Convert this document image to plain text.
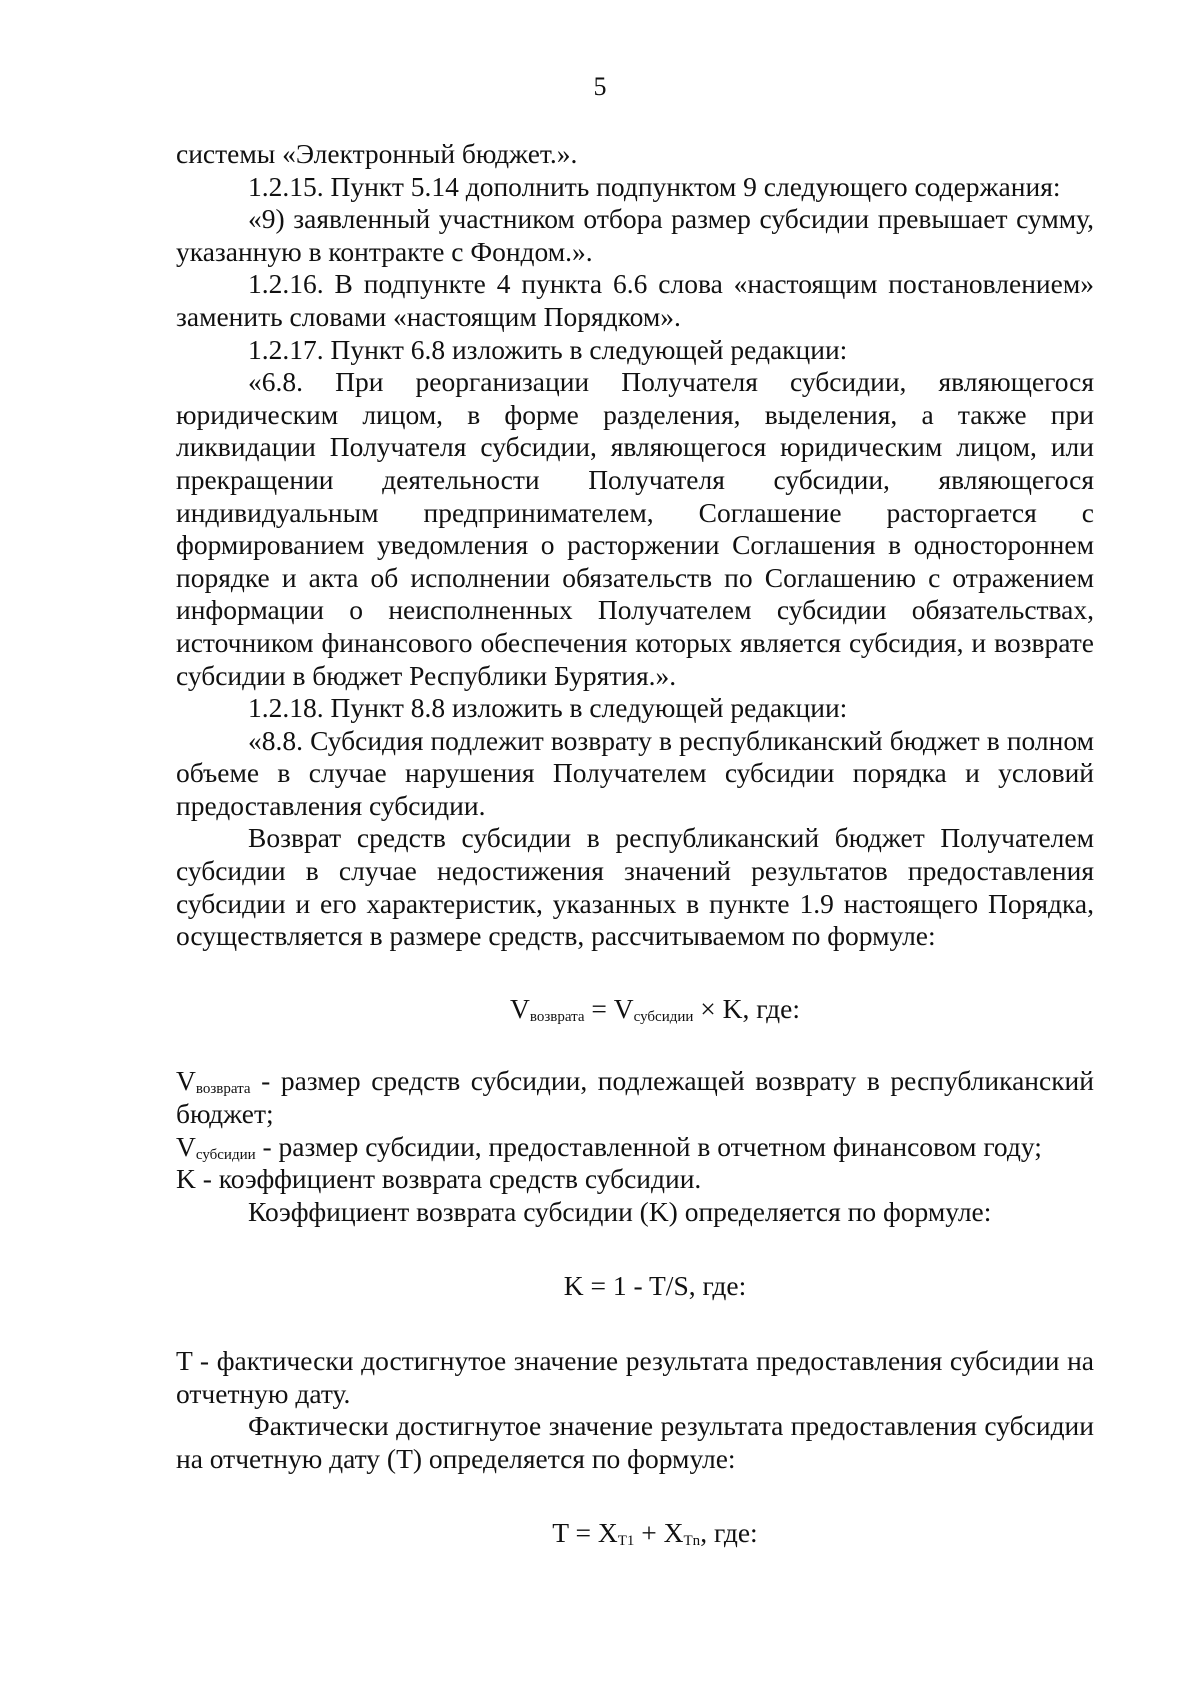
5

системы «Электронный бюджет.».

1.2.15. Пункт 5.14 дополнить подпунктом 9 следующего содержания:

«9) заявленный участником отбора размер субсидии превышает сумму, указанную в контракте с Фондом.».

1.2.16. В подпункте 4 пункта 6.6 слова «настоящим постановлением» заменить словами «настоящим Порядком».

1.2.17. Пункт 6.8 изложить в следующей редакции:

«6.8. При реорганизации Получателя субсидии, являющегося юридическим лицом, в форме разделения, выделения, а также при ликвидации Получателя субсидии, являющегося юридическим лицом, или прекращении деятельности Получателя субсидии, являющегося индивидуальным предпринимателем, Соглашение расторгается с формированием уведомления о расторжении Соглашения в одностороннем порядке и акта об исполнении обязательств по Соглашению с отражением информации о неисполненных Получателем субсидии обязательствах, источником финансового обеспечения которых является субсидия, и возврате субсидии в бюджет Республики Бурятия.».

1.2.18. Пункт 8.8 изложить в следующей редакции:

«8.8. Субсидия подлежит возврату в республиканский бюджет в полном объеме в случае нарушения Получателем субсидии порядка и условий предоставления субсидии.

Возврат средств субсидии в республиканский бюджет Получателем субсидии в случае недостижения значений результатов предоставления субсидии и его характеристик, указанных в пункте 1.9 настоящего Порядка, осуществляется в размере средств, рассчитываемом по формуле:

$V_{возврата} = V_{субсидии} \times K$, где:

$V_{возврата}$ - размер средств субсидии, подлежащей возврату в республиканский бюджет;

$V_{субсидии}$ - размер субсидии, предоставленной в отчетном финансовом году;

K - коэффициент возврата средств субсидии.

Коэффициент возврата субсидии (K) определяется по формуле:

K = 1 - T/S, где:

T - фактически достигнутое значение результата предоставления субсидии на отчетную дату.

Фактически достигнутое значение результата предоставления субсидии на отчетную дату (T) определяется по формуле:

$T = X_{T1} + X_{Tn}$, где:
